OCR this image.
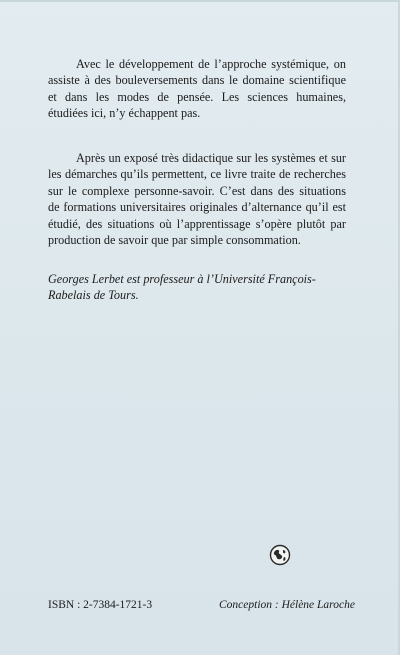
Avec le développement de l’approche systémique, on assiste à des bouleversements dans le domaine scientifique et dans les modes de pensée. Les sciences humaines, étudiées ici, n’y échappent pas.

Après un exposé très didactique sur les systèmes et sur les démarches qu’ils permettent, ce livre traite de recherches sur le complexe personne-savoir. C’est dans des situations de formations universitaires originales d’alternance qu’il est étudié, des situations où l’apprentissage s’opère plutôt par production de savoir que par simple consommation.

Georges Lerbet est professeur à l’Université François-Rabelais de Tours.

ISBN : 2-7384-1721-3	Conception : Hélène Laroche
